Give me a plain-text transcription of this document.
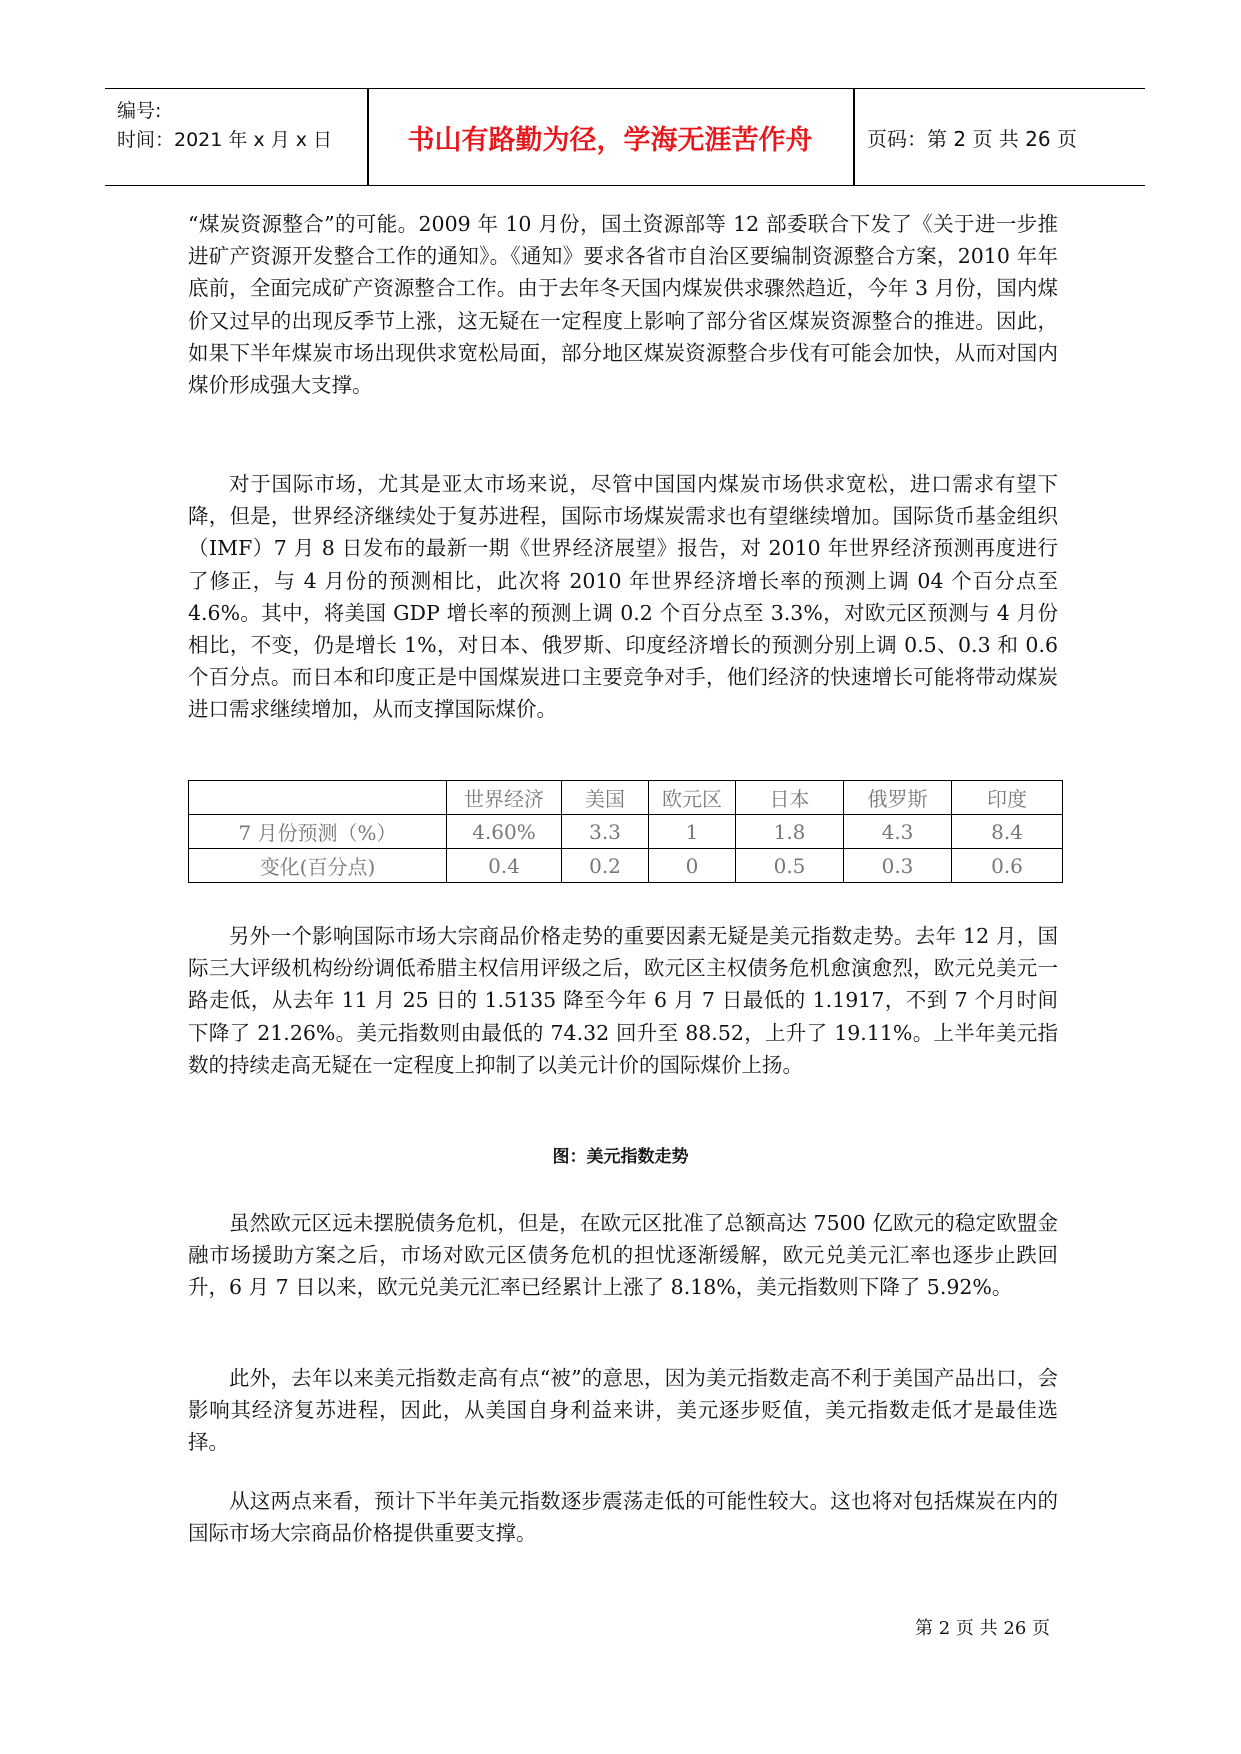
编号:
时间：2021 年 x 月 x 日	书山有路勤为径，学海无涯苦作舟	页码：第 2 页 共 26 页

“煤炭资源整合”的可能。2009 年 10 月份，国土资源部等 12 部委联合下发了《关于进一步推进矿产资源开发整合工作的通知》。《通知》要求各省市自治区要编制资源整合方案，2010 年年底前，全面完成矿产资源整合工作。由于去年冬天国内煤炭供求骤然趋近，今年 3 月份，国内煤价又过早的出现反季节上涨，这无疑在一定程度上影响了部分省区煤炭资源整合的推进。因此，如果下半年煤炭市场出现供求宽松局面，部分地区煤炭资源整合步伐有可能会加快，从而对国内煤价形成强大支撑。

对于国际市场，尤其是亚太市场来说，尽管中国国内煤炭市场供求宽松，进口需求有望下降，但是，世界经济继续处于复苏进程，国际市场煤炭需求也有望继续增加。国际货币基金组织（IMF）7 月 8 日发布的最新一期《世界经济展望》报告，对 2010 年世界经济预测再度进行了修正，与 4 月份的预测相比，此次将 2010 年世界经济增长率的预测上调 04 个百分点至 4.6%。其中，将美国 GDP 增长率的预测上调 0.2 个百分点至 3.3%，对欧元区预测与 4 月份相比，不变，仍是增长 1%，对日本、俄罗斯、印度经济增长的预测分别上调 0.5、0.3 和 0.6 个百分点。而日本和印度正是中国煤炭进口主要竞争对手，他们经济的快速增长可能将带动煤炭进口需求继续增加，从而支撑国际煤价。

	世界经济	美国	欧元区	日本	俄罗斯	印度
7 月份预测（%）	4.60%	3.3	1	1.8	4.3	8.4
变化(百分点)	0.4	0.2	0	0.5	0.3	0.6

另外一个影响国际市场大宗商品价格走势的重要因素无疑是美元指数走势。去年 12 月，国际三大评级机构纷纷调低希腊主权信用评级之后，欧元区主权债务危机愈演愈烈，欧元兑美元一路走低，从去年 11 月 25 日的 1.5135 降至今年 6 月 7 日最低的 1.1917，不到 7 个月时间下降了 21.26%。美元指数则由最低的 74.32 回升至 88.52，上升了 19.11%。上半年美元指数的持续走高无疑在一定程度上抑制了以美元计价的国际煤价上扬。

图：美元指数走势

虽然欧元区远未摆脱债务危机，但是，在欧元区批准了总额高达 7500 亿欧元的稳定欧盟金融市场援助方案之后，市场对欧元区债务危机的担忧逐渐缓解，欧元兑美元汇率也逐步止跌回升，6 月 7 日以来，欧元兑美元汇率已经累计上涨了 8.18%，美元指数则下降了 5.92%。

此外，去年以来美元指数走高有点“被”的意思，因为美元指数走高不利于美国产品出口，会影响其经济复苏进程，因此，从美国自身利益来讲，美元逐步贬值，美元指数走低才是最佳选择。

从这两点来看，预计下半年美元指数逐步震荡走低的可能性较大。这也将对包括煤炭在内的国际市场大宗商品价格提供重要支撑。

第 2 页 共 26 页
